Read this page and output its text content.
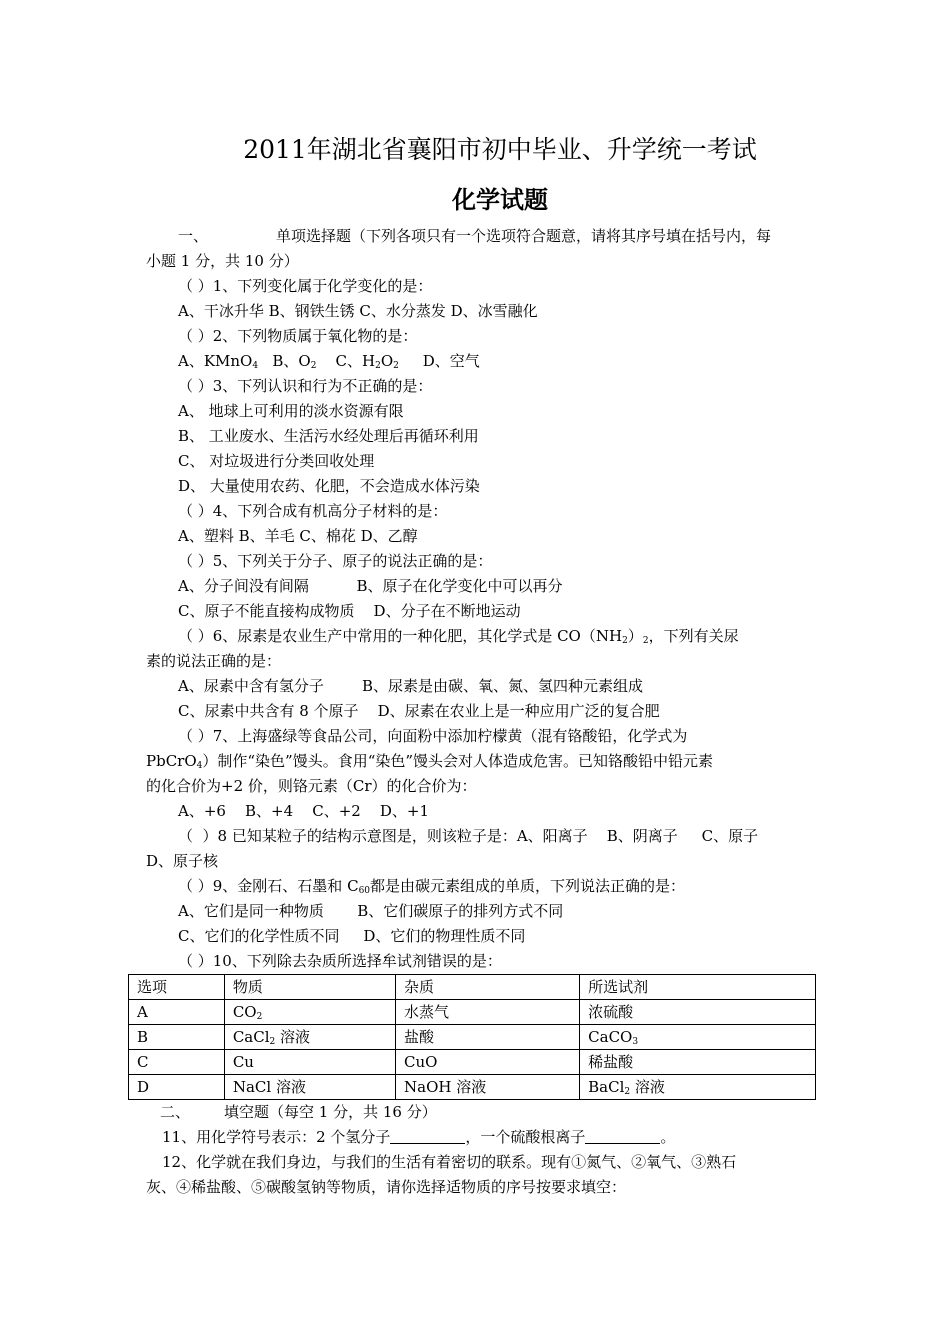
2011年湖北省襄阳市初中毕业、升学统一考试
化学试题
一、	单项选择题（下列各项只有一个选项符合题意，请将其序号填在括号内，每
小题 1 分，共 10 分）
（ ）1、下列变化属于化学变化的是：
A、干冰升华 B、钢铁生锈 C、水分蒸发 D、冰雪融化
（ ）2、下列物质属于氧化物的是：
A、KMnO$_4$ B、$O_2$ C、$H_2O_2$ D、空气
（ ）3、下列认识和行为不正确的是：
A、 地球上可利用的淡水资源有限
B、 工业废水、生活污水经处理后再循环利用
C、 对垃圾进行分类回收处理
D、 大量使用农药、化肥，不会造成水体污染
（ ）4、下列合成有机高分子材料的是：
A、塑料 B、羊毛 C、棉花 D、乙醇
（ ）5、下列关于分子、原子的说法正确的是：
A、分子间没有间隔          B、原子在化学变化中可以再分
C、原子不能直接构成物质    D、分子在不断地运动
（ ）6、尿素是农业生产中常用的一种化肥，其化学式是 $CO(NH_2)_2$，下列有关尿
素的说法正确的是：
A、尿素中含有氢分子        B、尿素是由碳、氧、氮、氢四种元素组成
C、尿素中共含有 8 个原子    D、尿素在农业上是一种应用广泛的复合肥
（ ）7、上海盛绿等食品公司，向面粉中添加柠檬黄（混有铬酸铅，化学式为
PbCrO$_4$）制作“染色”馒头。食用“染色”馒头会对人体造成危害。已知铬酸铅中铅元素
的化合价为+2 价，则铬元素（Cr）的化合价为：
A、+6    B、+4    C、+2    D、+1
（  ）8 已知某粒子的结构示意图是，则该粒子是：A、阳离子    B、阴离子     C、原子
D、原子核
（ ）9、金刚石、石墨和 $C_{60}$都是由碳元素组成的单质，下列说法正确的是：
A、它们是同一种物质       B、它们碳原子的排列方式不同
C、它们的化学性质不同     D、它们的物理性质不同
（ ）10、下列除去杂质所选择牟试剂错误的是：
选项	物质	杂质	所选试剂
A	$CO_2$	水蒸气	浓硫酸
B	CaCl$_2$ 溶液	盐酸	CaCO$_3$
C	Cu	CuO	稀盐酸
D	NaCl 溶液	NaOH 溶液	BaCl$_2$ 溶液
二、 填空题（每空 1 分，共 16 分）
11、用化学符号表示：2 个氢分子	，一个硫酸根离子	。
12、化学就在我们身边，与我们的生活有着密切的联系。现有①氮气、②氧气、③熟石
灰、④稀盐酸、⑤碳酸氢钠等物质，请你选择适物质的序号按要求填空：
